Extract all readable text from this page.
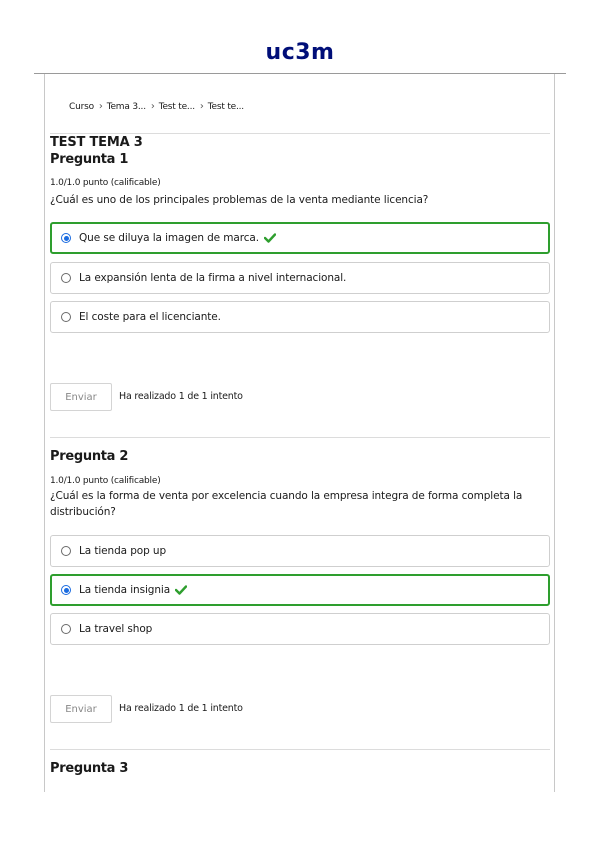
uc3m
Curso › Tema 3... › Test te... › Test te...
TEST TEMA 3
Pregunta 1
1.0/1.0 punto (calificable)
¿Cuál es uno de los principales problemas de la venta mediante licencia?
Que se diluya la imagen de marca.
La expansión lenta de la firma a nivel internacional.
El coste para el licenciante.
Enviar	Ha realizado 1 de 1 intento
Pregunta 2
1.0/1.0 punto (calificable)
¿Cuál es la forma de venta por excelencia cuando la empresa integra de forma completa la distribución?
La tienda pop up
La tienda insignia
La travel shop
Enviar	Ha realizado 1 de 1 intento
Pregunta 3
